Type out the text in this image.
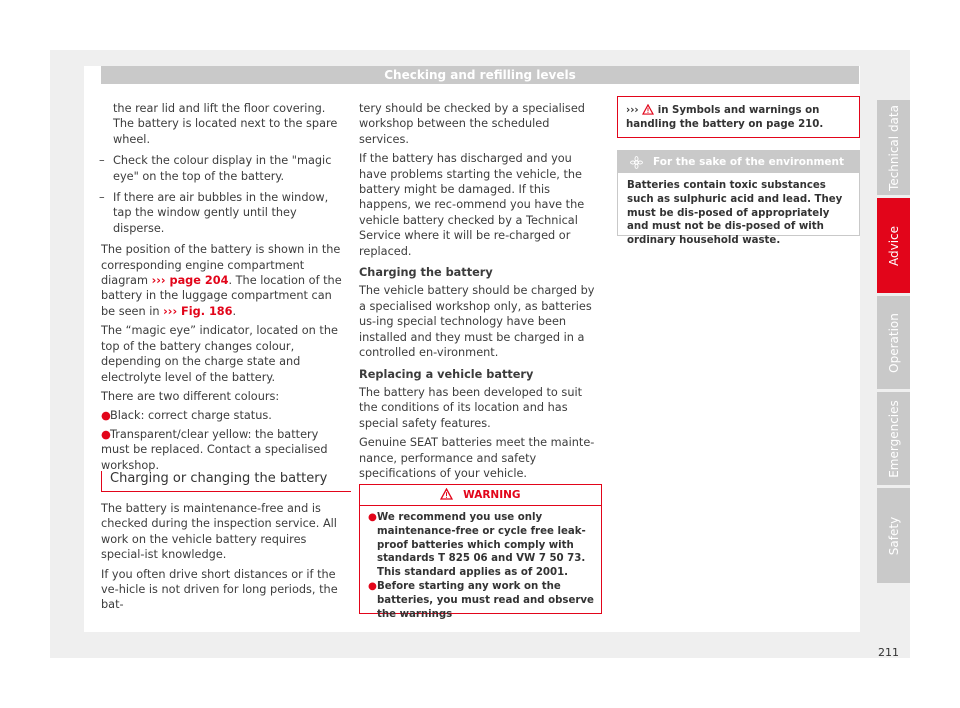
Checking and refilling levels

the rear lid and lift the floor covering. The battery is located next to the spare wheel.

– Check the colour display in the "magic eye" on the top of the battery.

– If there are air bubbles in the window, tap the window gently until they disperse.

The position of the battery is shown in the corresponding engine compartment diagram ››› page 204. The location of the battery in the luggage compartment can be seen in ››› Fig. 186.

The “magic eye” indicator, located on the top of the battery changes colour, depending on the charge state and electrolyte level of the battery.

There are two different colours:

● Black: correct charge status.

● Transparent/clear yellow: the battery must be replaced. Contact a specialised workshop.

Charging or changing the battery

The battery is maintenance-free and is checked during the inspection service. All work on the vehicle battery requires special-ist knowledge.

If you often drive short distances or if the ve-hicle is not driven for long periods, the bat-

tery should be checked by a specialised workshop between the scheduled services.

If the battery has discharged and you have problems starting the vehicle, the battery might be damaged. If this happens, we rec-ommend you have the vehicle battery checked by a Technical Service where it will be re-charged or replaced.

Charging the battery

The vehicle battery should be charged by a specialised workshop only, as batteries us-ing special technology have been installed and they must be charged in a controlled en-vironment.

Replacing a vehicle battery

The battery has been developed to suit the conditions of its location and has special safety features.

Genuine SEAT batteries meet the mainte-nance, performance and safety specifications of your vehicle.

WARNING

● We recommend you use only maintenance-free or cycle free leak-proof batteries which comply with standards T 825 06 and VW 7 50 73. This standard applies as of 2001.

● Before starting any work on the batteries, you must read and observe the warnings

›››  in Symbols and warnings on handling the battery on page 210.
For the sake of the environment
Batteries contain toxic substances such as sulphuric acid and lead. They must be dis-posed of appropriately and must not be dis-posed of with ordinary household waste.
Technical data
Advice
Operation
Emergencies
Safety
211
